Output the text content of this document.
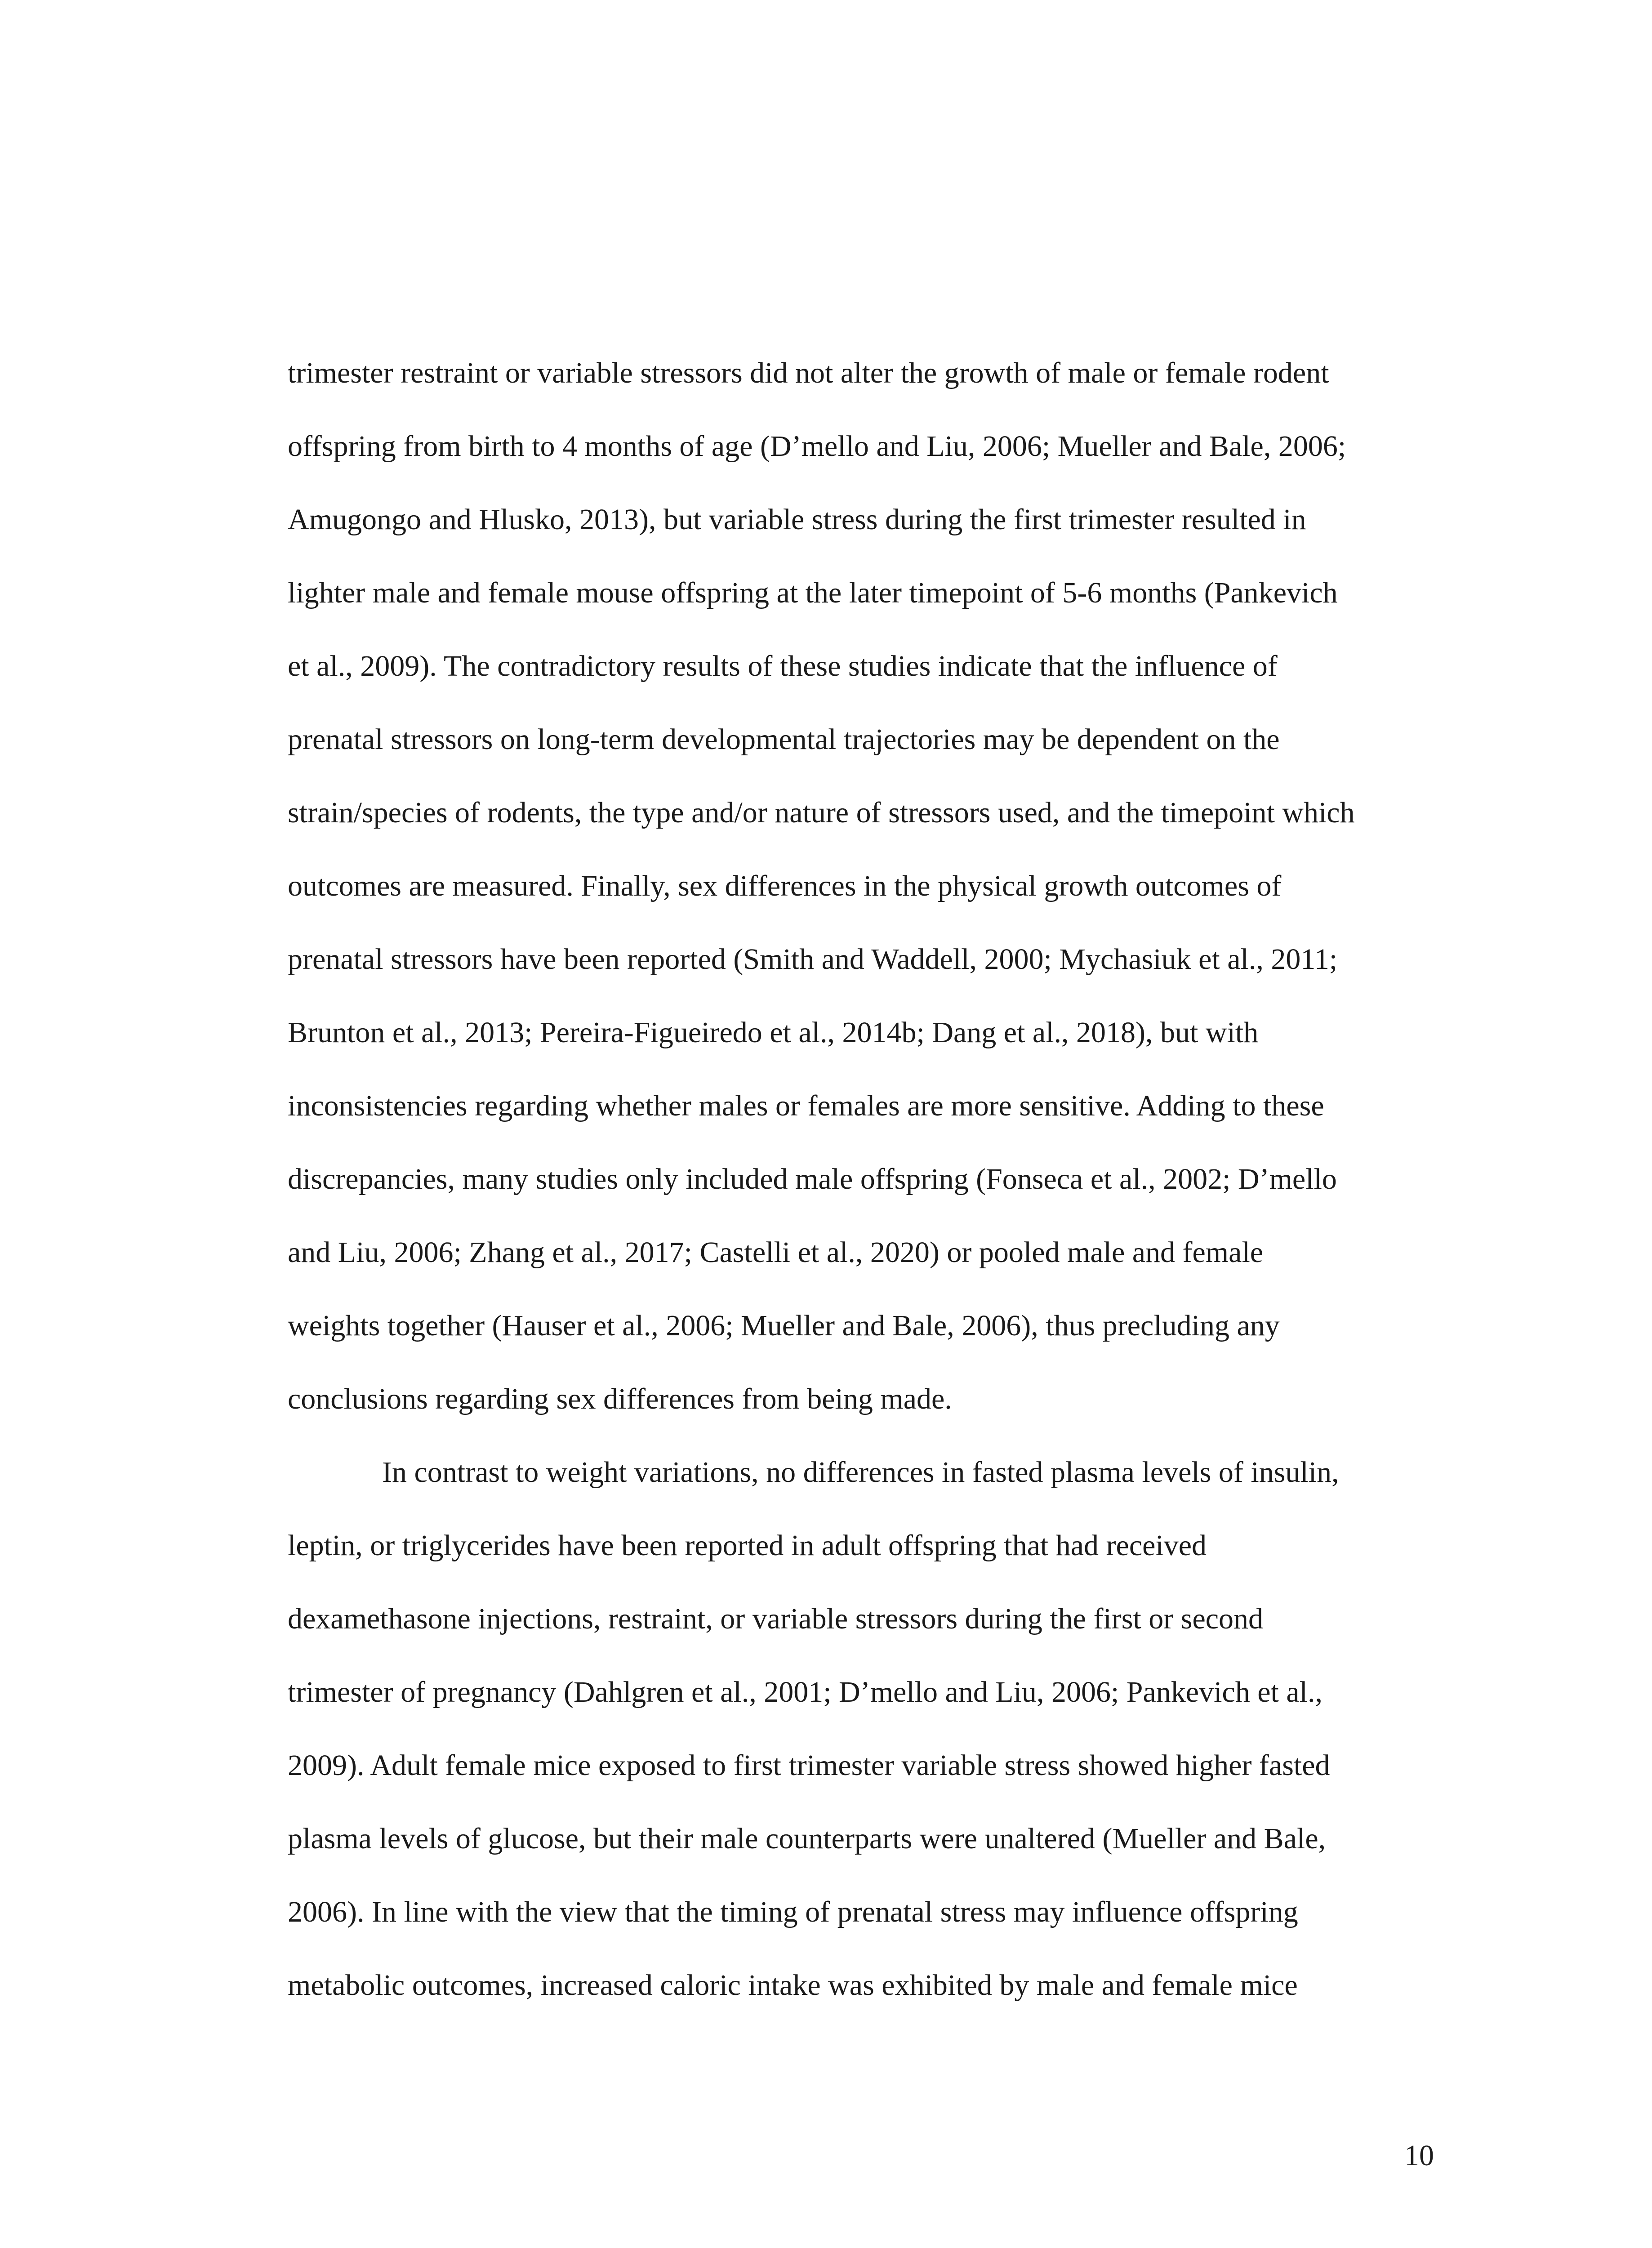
trimester restraint or variable stressors did not alter the growth of male or female rodent
offspring from birth to 4 months of age (D’mello and Liu, 2006; Mueller and Bale, 2006;
Amugongo and Hlusko, 2013), but variable stress during the first trimester resulted in
lighter male and female mouse offspring at the later timepoint of 5-6 months (Pankevich
et al., 2009). The contradictory results of these studies indicate that the influence of
prenatal stressors on long-term developmental trajectories may be dependent on the
strain/species of rodents, the type and/or nature of stressors used, and the timepoint which
outcomes are measured. Finally, sex differences in the physical growth outcomes of
prenatal stressors have been reported (Smith and Waddell, 2000; Mychasiuk et al., 2011;
Brunton et al., 2013; Pereira-Figueiredo et al., 2014b; Dang et al., 2018), but with
inconsistencies regarding whether males or females are more sensitive. Adding to these
discrepancies, many studies only included male offspring (Fonseca et al., 2002; D’mello
and Liu, 2006; Zhang et al., 2017; Castelli et al., 2020) or pooled male and female
weights together (Hauser et al., 2006; Mueller and Bale, 2006), thus precluding any
conclusions regarding sex differences from being made.
In contrast to weight variations, no differences in fasted plasma levels of insulin,
leptin, or triglycerides have been reported in adult offspring that had received
dexamethasone injections, restraint, or variable stressors during the first or second
trimester of pregnancy (Dahlgren et al., 2001; D’mello and Liu, 2006; Pankevich et al.,
2009). Adult female mice exposed to first trimester variable stress showed higher fasted
plasma levels of glucose, but their male counterparts were unaltered (Mueller and Bale,
2006). In line with the view that the timing of prenatal stress may influence offspring
metabolic outcomes, increased caloric intake was exhibited by male and female mice
10
